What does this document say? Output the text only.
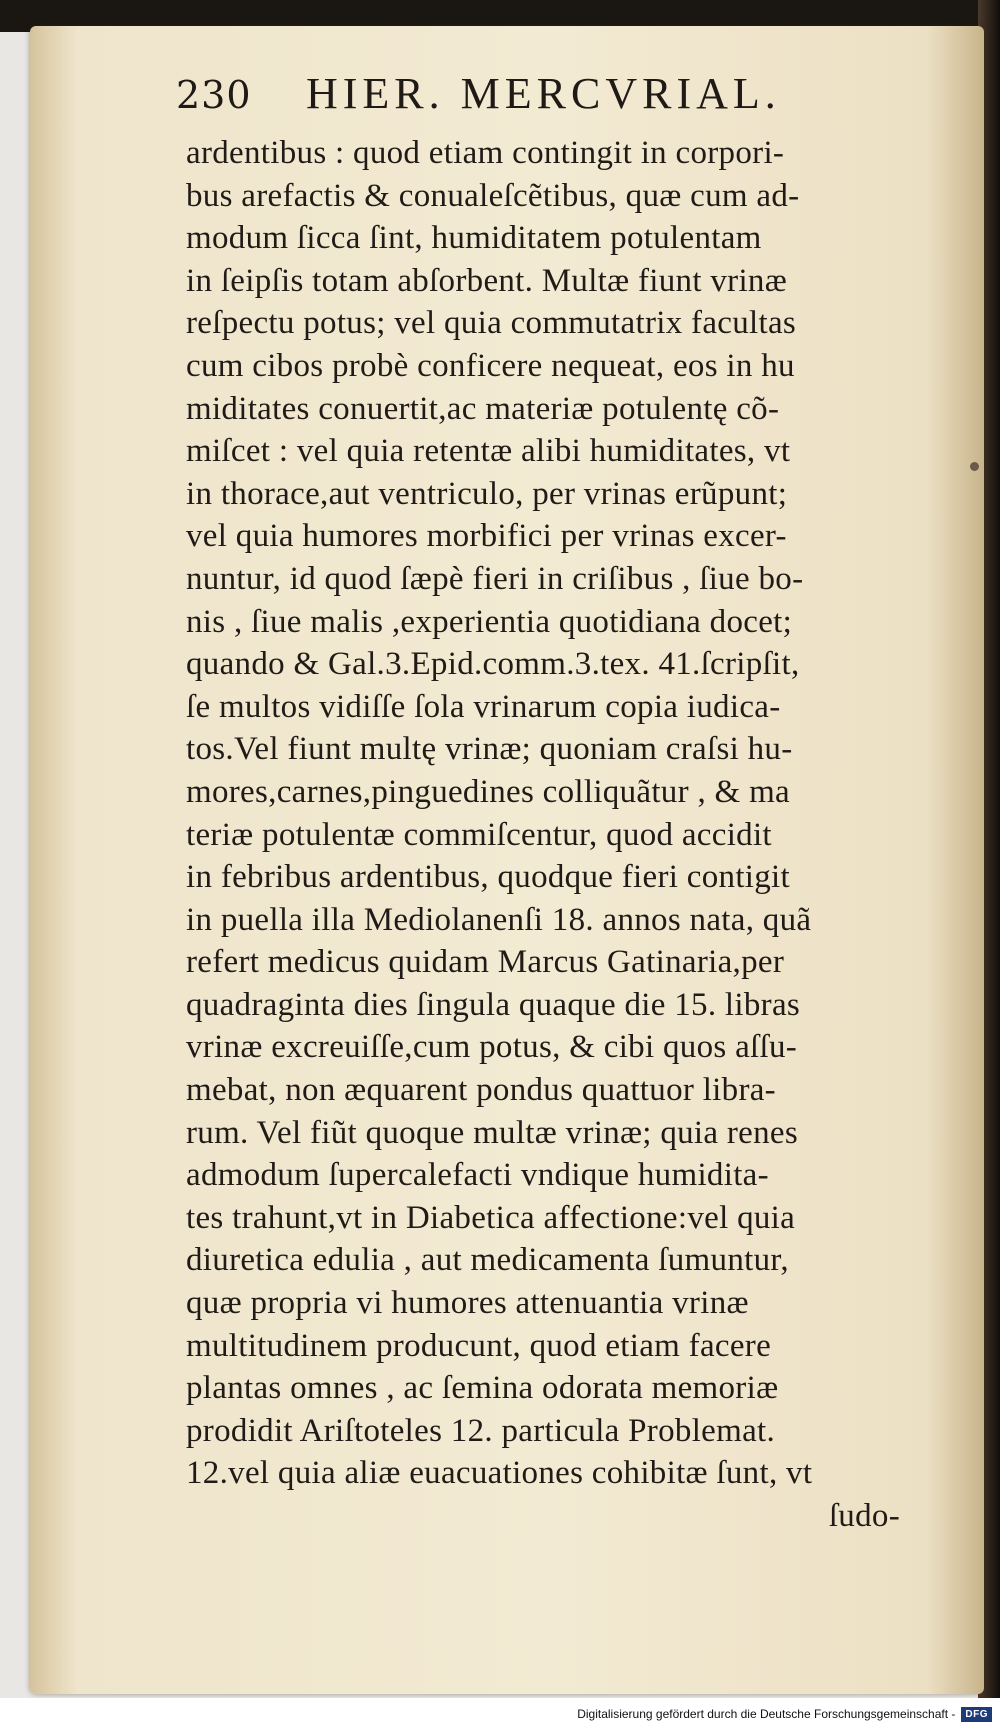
230	HIER. MERCVRIAL.
ardentibus : quod etiam contingit in corpori-
bus arefactis & conualeſcẽtibus, quæ cum ad-
modum ſicca ſint, humiditatem potulentam
in ſeipſis totam abſorbent. Multæ fiunt vrinæ
reſpectu potus; vel quia commutatrix facultas
cum cibos probè conficere nequeat, eos in hu
miditates conuertit,ac materiæ potulentę cõ-
miſcet : vel quia retentæ alibi humiditates, vt
in thorace,aut ventriculo, per vrinas erũpunt;
vel quia humores morbifici per vrinas excer-
nuntur, id quod ſæpè fieri in criſibus , ſiue bo-
nis , ſiue malis ,experientia quotidiana docet;
quando & Gal.3.Epid.comm.3.tex. 41.ſcripſit,
ſe multos vidiſſe ſola vrinarum copia iudica-
tos.Vel fiunt multę vrinæ; quoniam craſsi hu-
mores,carnes,pinguedines colliquãtur , & ma
teriæ potulentæ commiſcentur, quod accidit
in febribus ardentibus, quodque fieri contigit
in puella illa Mediolanenſi 18. annos nata, quã
refert medicus quidam Marcus Gatinaria,per
quadraginta dies ſingula quaque die 15. libras
vrinæ excreuiſſe,cum potus, & cibi quos aſſu-
mebat, non æquarent pondus quattuor libra-
rum. Vel fiũt quoque multæ vrinæ; quia renes
admodum ſupercalefacti vndique humidita-
tes trahunt,vt in Diabetica affectione:vel quia
diuretica edulia , aut medicamenta ſumuntur,
quæ propria vi humores attenuantia vrinæ
multitudinem producunt, quod etiam facere
plantas omnes , ac ſemina odorata memoriæ
prodidit Ariſtoteles 12. particula Problemat.
12.vel quia aliæ euacuationes cohibitæ ſunt, vt
ſudo-
Digitalisierung gefördert durch die Deutsche Forschungsgemeinschaft -	DFG
